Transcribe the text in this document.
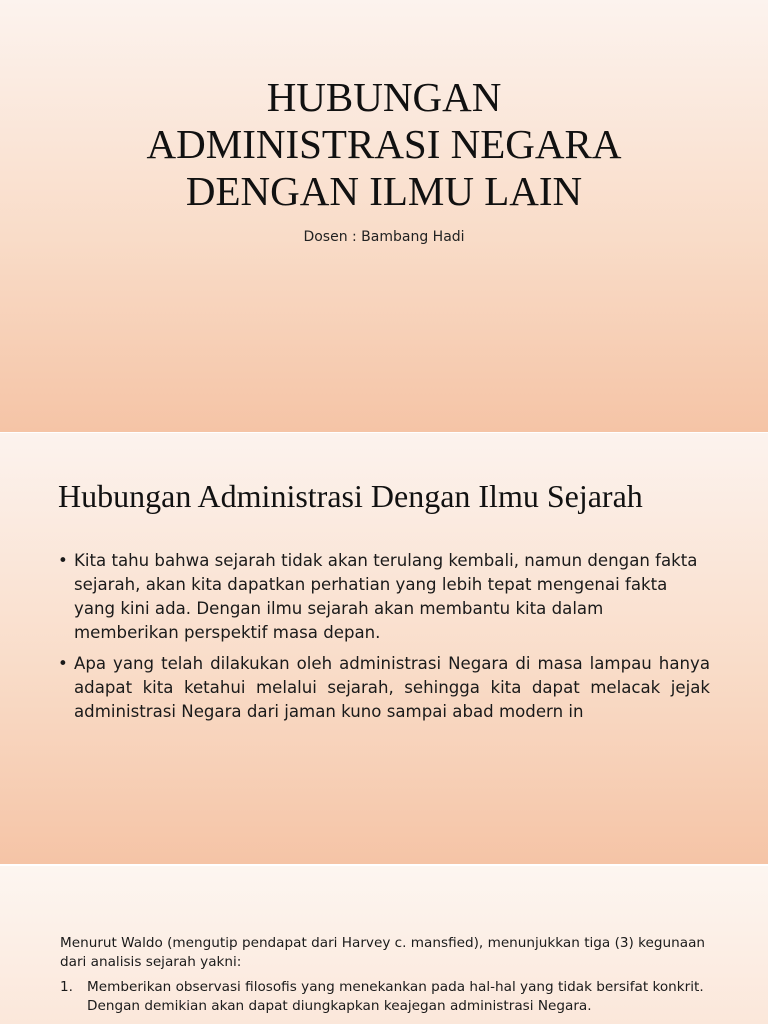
HUBUNGAN
ADMINISTRASI NEGARA
DENGAN ILMU LAIN
Dosen : Bambang Hadi
Hubungan Administrasi Dengan Ilmu Sejarah
• Kita tahu bahwa sejarah tidak akan terulang kembali, namun dengan fakta sejarah, akan kita dapatkan perhatian yang lebih tepat mengenai fakta yang kini ada. Dengan ilmu sejarah akan membantu kita dalam memberikan perspektif masa depan.
• Apa yang telah dilakukan oleh administrasi Negara di masa lampau hanya adapat kita ketahui melalui sejarah, sehingga kita dapat melacak jejak administrasi Negara dari jaman kuno sampai abad modern in

Menurut Waldo (mengutip pendapat dari Harvey c. mansfied), menunjukkan tiga (3) kegunaan dari analisis sejarah yakni:

1. Memberikan observasi filosofis yang menekankan pada hal-hal yang tidak bersifat konkrit. Dengan demikian akan dapat diungkapkan keajegan administrasi Negara.
